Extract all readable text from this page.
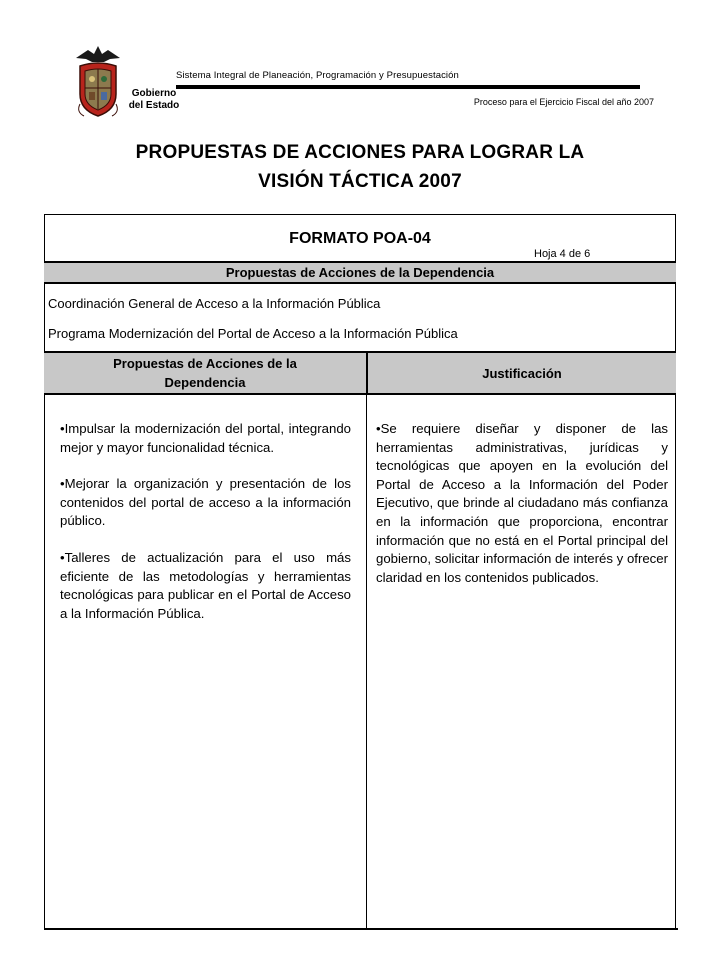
Gobierno
del Estado
Sistema Integral de Planeación, Programación y Presupuestación
Proceso para el Ejercicio Fiscal del año 2007
PROPUESTAS DE ACCIONES PARA LOGRAR LA
VISIÓN TÁCTICA 2007
FORMATO POA-04
Hoja 4 de 6
Propuestas de Acciones de la Dependencia
Coordinación General de Acceso a la Información Pública
Programa Modernización del Portal de Acceso a la Información Pública
Propuestas de Acciones de la
Dependencia
Justificación

•Impulsar la modernización del portal, integrando mejor y mayor funcionalidad técnica.

•Mejorar la organización y presentación de los contenidos del portal de acceso a la información público.

•Talleres de actualización para el uso más eficiente de las metodologías y herramientas tecnológicas para publicar en el Portal de Acceso a la Información Pública.

•Se requiere diseñar y disponer de las herramientas administrativas, jurídicas y tecnológicas que apoyen en la evolución del Portal de Acceso a la Información del Poder Ejecutivo, que brinde al ciudadano más confianza en la información que proporciona, encontrar información que no está en el Portal principal del gobierno, solicitar información de interés y ofrecer claridad en los contenidos publicados.
